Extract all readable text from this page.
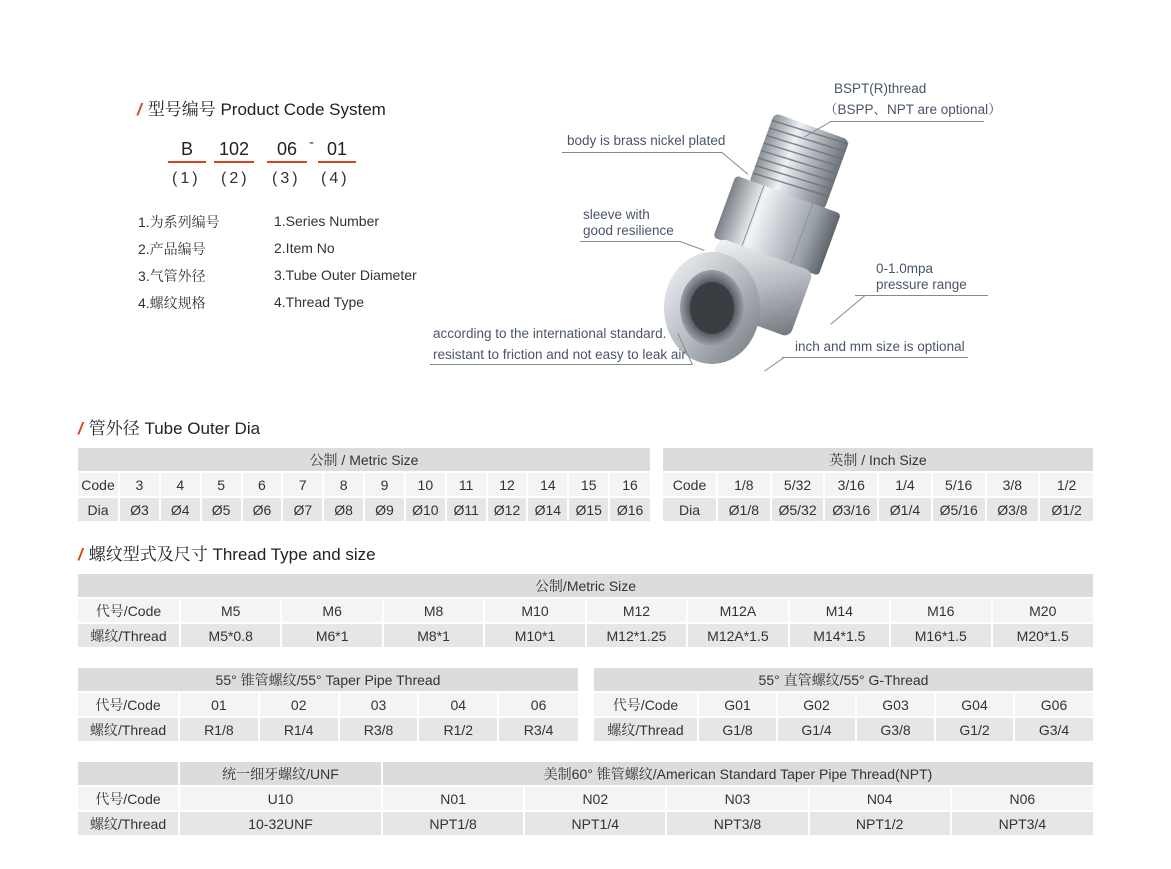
/ 型号编号 Product Code System
B	102	06 - 01
(1) (2) (3) (4)
1.为系列编号
2.产品编号
3.气管外径
4.螺纹规格
1.Series Number
2.Item No
3.Tube Outer Diameter
4.Thread Type
BSPT(R)thread
（BSPP、NPT are optional）
body is brass nickel plated
sleeve with
good resilience
0-1.0mpa
pressure range
according to the international standard.
resistant to friction and not easy to leak air
inch and mm size is optional
/ 管外径 Tube Outer Dia
公制 / Metric Size													
Code	3	4	5	6	7	8	9	10	11	12	14	15	16
Dia	Ø3	Ø4	Ø5	Ø6	Ø7	Ø8	Ø9	Ø10	Ø11	Ø12	Ø14	Ø15	Ø16
英制 / Inch Size							
Code	1/8	5/32	3/16	1/4	5/16	3/8	1/2
Dia	Ø1/8	Ø5/32	Ø3/16	Ø1/4	Ø5/16	Ø3/8	Ø1/2
/ 螺纹型式及尺寸 Thread Type and size
公制/Metric Size									
代号/Code	M5	M6	M8	M10	M12	M12A	M14	M16	M20
螺纹/Thread	M5*0.8	M6*1	M8*1	M10*1	M12*1.25	M12A*1.5	M14*1.5	M16*1.5	M20*1.5
55° 锥管螺纹/55° Taper Pipe Thread					
代号/Code	01	02	03	04	06
螺纹/Thread	R1/8	R1/4	R3/8	R1/2	R3/4
55° 直管螺纹/55° G-Thread					
代号/Code	G01	G02	G03	G04	G06
螺纹/Thread	G1/8	G1/4	G3/8	G1/2	G3/4
	统一细牙螺纹/UNF	美制60° 锥管螺纹/American Standard Taper Pipe Thread(NPT)				
代号/Code	U10	N01	N02	N03	N04	N06
螺纹/Thread	10-32UNF	NPT1/8	NPT1/4	NPT3/8	NPT1/2	NPT3/4
